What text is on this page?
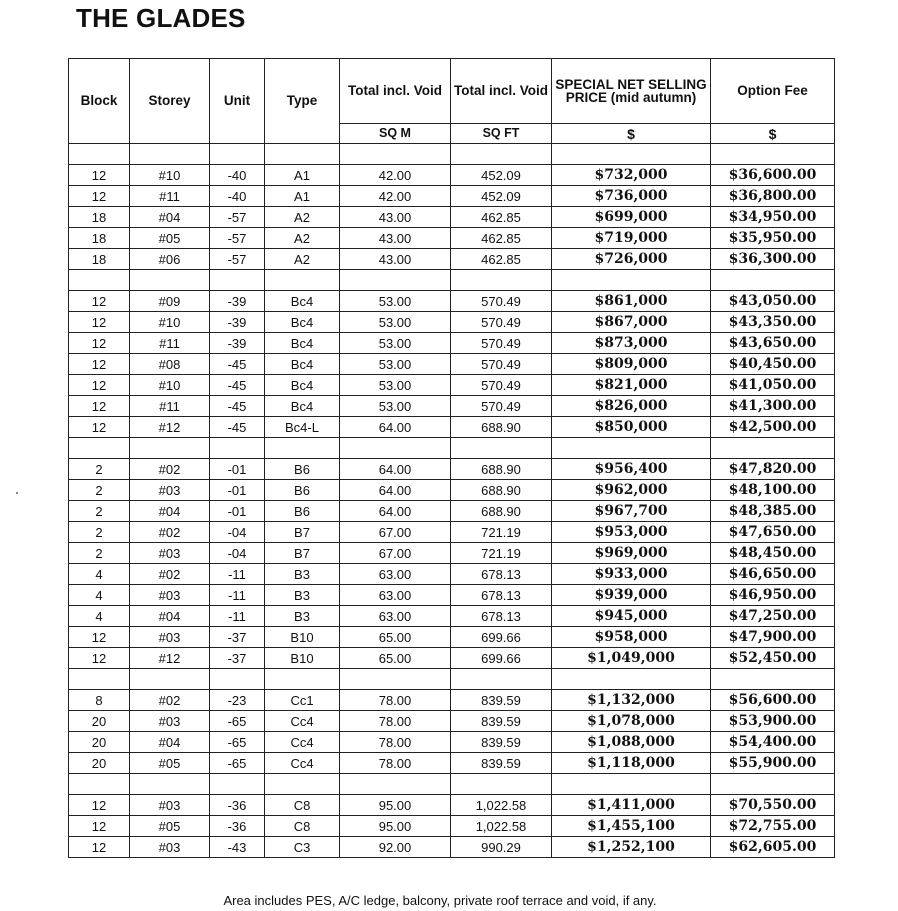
THE GLADES
Block	Storey	Unit	Type	Total incl. Void	Total incl. Void	SPECIAL NET SELLING PRICE (mid autumn)	Option Fee
				SQ M	SQ FT	$	$

12	#10	-40	A1	42.00	452.09	$732,000	$36,600.00
12	#11	-40	A1	42.00	452.09	$736,000	$36,800.00
18	#04	-57	A2	43.00	462.85	$699,000	$34,950.00
18	#05	-57	A2	43.00	462.85	$719,000	$35,950.00
18	#06	-57	A2	43.00	462.85	$726,000	$36,300.00

12	#09	-39	Bc4	53.00	570.49	$861,000	$43,050.00
12	#10	-39	Bc4	53.00	570.49	$867,000	$43,350.00
12	#11	-39	Bc4	53.00	570.49	$873,000	$43,650.00
12	#08	-45	Bc4	53.00	570.49	$809,000	$40,450.00
12	#10	-45	Bc4	53.00	570.49	$821,000	$41,050.00
12	#11	-45	Bc4	53.00	570.49	$826,000	$41,300.00
12	#12	-45	Bc4-L	64.00	688.90	$850,000	$42,500.00

2	#02	-01	B6	64.00	688.90	$956,400	$47,820.00
2	#03	-01	B6	64.00	688.90	$962,000	$48,100.00
2	#04	-01	B6	64.00	688.90	$967,700	$48,385.00
2	#02	-04	B7	67.00	721.19	$953,000	$47,650.00
2	#03	-04	B7	67.00	721.19	$969,000	$48,450.00
4	#02	-11	B3	63.00	678.13	$933,000	$46,650.00
4	#03	-11	B3	63.00	678.13	$939,000	$46,950.00
4	#04	-11	B3	63.00	678.13	$945,000	$47,250.00
12	#03	-37	B10	65.00	699.66	$958,000	$47,900.00
12	#12	-37	B10	65.00	699.66	$1,049,000	$52,450.00

8	#02	-23	Cc1	78.00	839.59	$1,132,000	$56,600.00
20	#03	-65	Cc4	78.00	839.59	$1,078,000	$53,900.00
20	#04	-65	Cc4	78.00	839.59	$1,088,000	$54,400.00
20	#05	-65	Cc4	78.00	839.59	$1,118,000	$55,900.00

12	#03	-36	C8	95.00	1,022.58	$1,411,000	$70,550.00
12	#05	-36	C8	95.00	1,022.58	$1,455,100	$72,755.00
12	#03	-43	C3	92.00	990.29	$1,252,100	$62,605.00
Area includes PES, A/C ledge, balcony, private roof terrace and void, if any.
